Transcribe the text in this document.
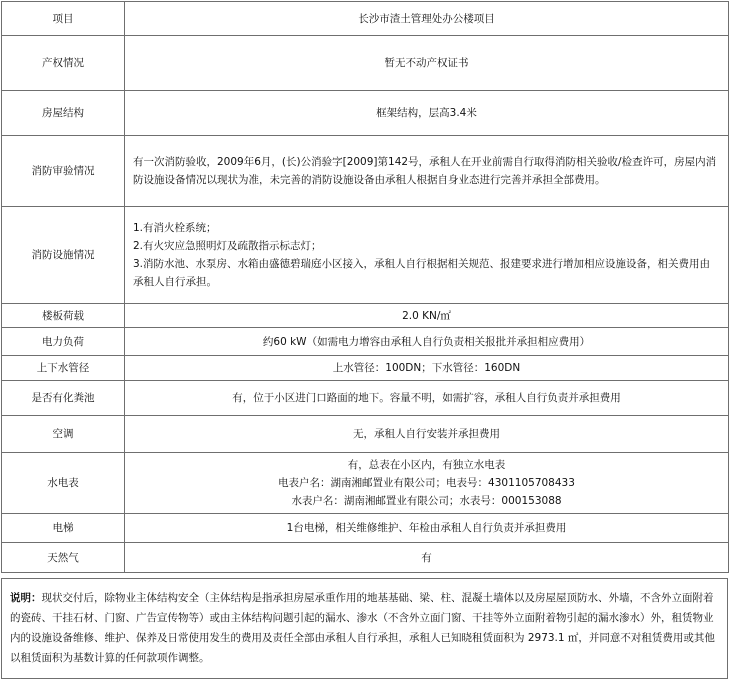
项目	长沙市渣土管理处办公楼项目
产权情况	暂无不动产权证书
房屋结构	框架结构，层高3.4米
消防审验情况	有一次消防验收，2009年6月，(长)公消验字[2009]第142号，承租人在开业前需自行取得消防相关验收/检查许可，房屋内消防设施设备情况以现状为准，未完善的消防设施设备由承租人根据自身业态进行完善并承担全部费用。
消防设施情况	1.有消火栓系统；
2.有火灾应急照明灯及疏散指示标志灯；
3.消防水池、水泵房、水箱由盛德碧瑞庭小区接入，承租人自行根据相关规范、报建要求进行增加相应设施设备，相关费用由承租人自行承担。

楼板荷载	2.0 KN/㎡
电力负荷	约60 kW（如需电力增容由承租人自行负责相关报批并承担相应费用）
上下水管径	上水管径：100DN；下水管径：160DN
是否有化粪池	有，位于小区进门口路面的地下。容量不明，如需扩容，承租人自行负责并承担费用
空调	无，承租人自行安装并承担费用
水电表	有，总表在小区内，有独立水电表
电表户名：湖南湘邮置业有限公司；电表号：4301105708433
水表户名：湖南湘邮置业有限公司；水表号：000153088

电梯	1台电梯，相关维修维护、年检由承租人自行负责并承担费用
天然气	有
说明：现状交付后，除物业主体结构安全（主体结构是指承担房屋承重作用的地基基础、梁、柱、混凝土墙体以及房屋屋顶防水、外墙，不含外立面附着的瓷砖、干挂石材、门窗、广告宣传物等）或由主体结构问题引起的漏水、渗水（不含外立面门窗、干挂等外立面附着物引起的漏水渗水）外，租赁物业内的设施设备维修、维护、保养及日常使用发生的费用及责任全部由承租人自行承担，承租人已知晓租赁面积为 2973.1 ㎡，并同意不对租赁费用或其他以租赁面积为基数计算的任何款项作调整。
